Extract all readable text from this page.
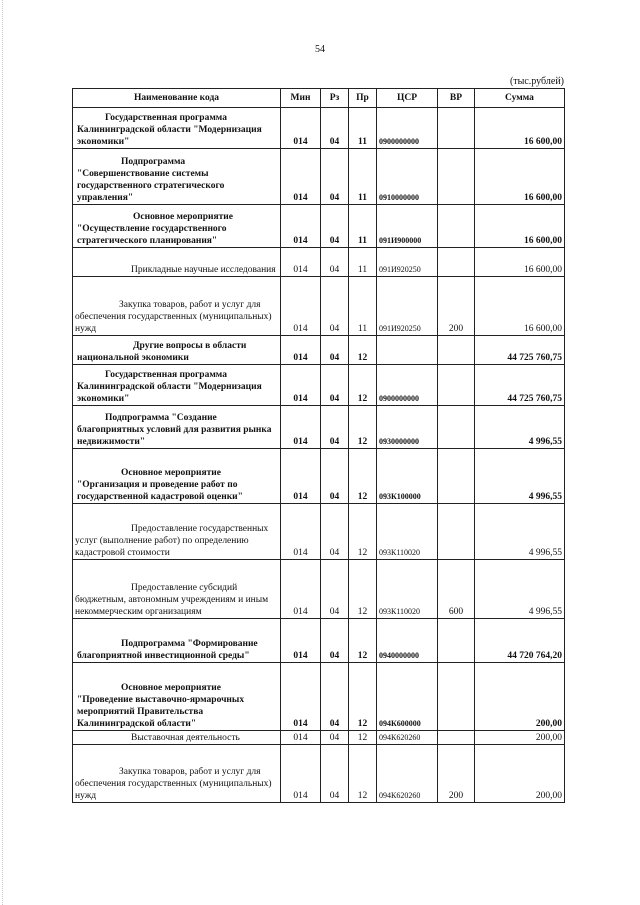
54
(тыс.рублей)
Наименование кода	Мин	Рз	Пр	ЦСР	ВР	Сумма
Государственная программа Калининградской области "Модернизация экономики"	014	04	11	0900000000		16 600,00
Подпрограмма "Совершенствование системы государственного стратегического управления"	014	04	11	0910000000		16 600,00
Основное мероприятие "Осуществление государственного стратегического планирования"	014	04	11	091И900000		16 600,00
Прикладные научные исследования	014	04	11	091И920250		16 600,00
Закупка товаров, работ и услуг для обеспечения государственных (муниципальных) нужд	014	04	11	091И920250	200	16 600,00
Другие вопросы в области национальной экономики	014	04	12			44 725 760,75
Государственная программа Калининградской области "Модернизация экономики"	014	04	12	0900000000		44 725 760,75
Подпрограмма "Создание благоприятных условий для развития рынка недвижимости"	014	04	12	0930000000		4 996,55
Основное мероприятие "Организация и проведение работ по государственной кадастровой оценки"	014	04	12	093К100000		4 996,55
Предоставление государственных услуг (выполнение работ) по определению кадастровой стоимости	014	04	12	093К110020		4 996,55
Предоставление субсидий бюджетным, автономным учреждениям и иным некоммерческим организациям	014	04	12	093К110020	600	4 996,55
Подпрограмма "Формирование благоприятной инвестиционной среды"	014	04	12	0940000000		44 720 764,20
Основное мероприятие "Проведение выставочно-ярмарочных мероприятий Правительства Калининградской области"	014	04	12	094К600000		200,00
Выставочная деятельность	014	04	12	094К620260		200,00
Закупка товаров, работ и услуг для обеспечения государственных (муниципальных) нужд	014	04	12	094К620260	200	200,00
